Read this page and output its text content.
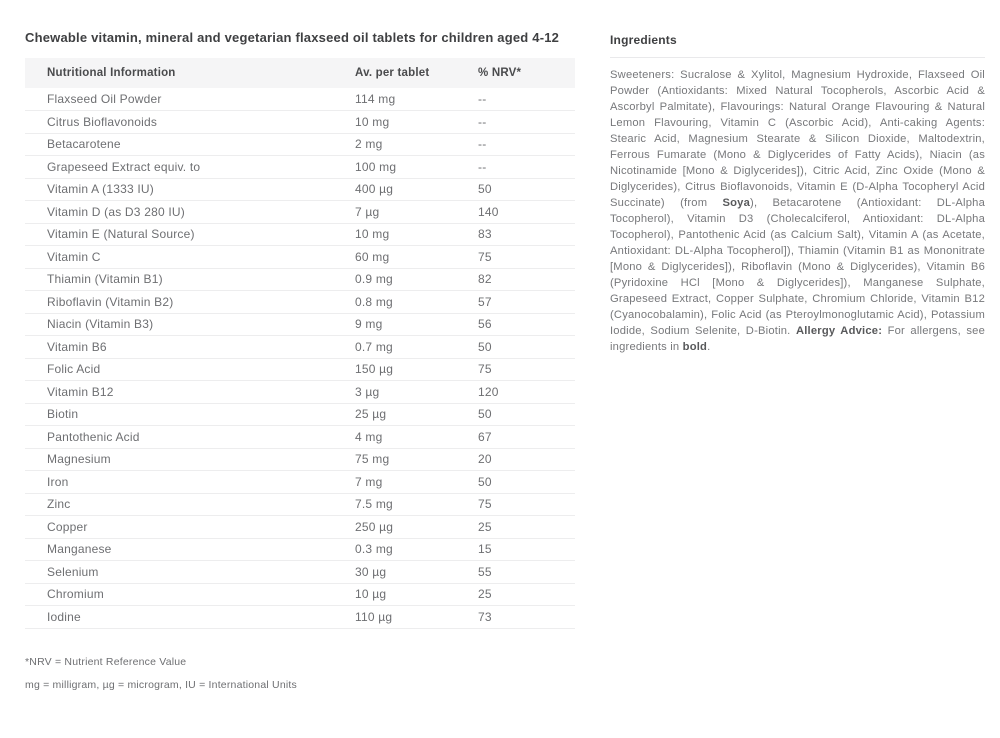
Chewable vitamin, mineral and vegetarian flaxseed oil tablets for children aged 4-12
Nutritional Information	Av. per tablet	% NRV*
Flaxseed Oil Powder	114 mg	--
Citrus Bioflavonoids	10 mg	--
Betacarotene	2 mg	--
Grapeseed Extract equiv. to	100 mg	--
Vitamin A (1333 IU)	400 µg	50
Vitamin D (as D3 280 IU)	7 µg	140
Vitamin E (Natural Source)	10 mg	83
Vitamin C	60 mg	75
Thiamin (Vitamin B1)	0.9 mg	82
Riboflavin (Vitamin B2)	0.8 mg	57
Niacin (Vitamin B3)	9 mg	56
Vitamin B6	0.7 mg	50
Folic Acid	150 µg	75
Vitamin B12	3 µg	120
Biotin	25 µg	50
Pantothenic Acid	4 mg	67
Magnesium	75 mg	20
Iron	7 mg	50
Zinc	7.5 mg	75
Copper	250 µg	25
Manganese	0.3 mg	15
Selenium	30 µg	55
Chromium	10 µg	25
Iodine	110 µg	73

*NRV = Nutrient Reference Value

mg = milligram, µg = microgram, IU = International Units

Ingredients

Sweeteners: Sucralose & Xylitol, Magnesium Hydroxide, Flaxseed Oil Powder (Antioxidants: Mixed Natural Tocopherols, Ascorbic Acid & Ascorbyl Palmitate), Flavourings: Natural Orange Flavouring & Natural Lemon Flavouring, Vitamin C (Ascorbic Acid), Anti-caking Agents: Stearic Acid, Magnesium Stearate & Silicon Dioxide, Maltodextrin, Ferrous Fumarate (Mono & Diglycerides of Fatty Acids), Niacin (as Nicotinamide [Mono & Diglycerides]), Citric Acid, Zinc Oxide (Mono & Diglycerides), Citrus Bioflavonoids, Vitamin E (D-Alpha Tocopheryl Acid Succinate) (from Soya), Betacarotene (Antioxidant: DL-Alpha Tocopherol), Vitamin D3 (Cholecalciferol, Antioxidant: DL-Alpha Tocopherol), Pantothenic Acid (as Calcium Salt), Vitamin A (as Acetate, Antioxidant: DL-Alpha Tocopherol]), Thiamin (Vitamin B1 as Mononitrate [Mono & Diglycerides]), Riboflavin (Mono & Diglycerides), Vitamin B6 (Pyridoxine HCl [Mono & Diglycerides]), Manganese Sulphate, Grapeseed Extract, Copper Sulphate, Chromium Chloride, Vitamin B12 (Cyanocobalamin), Folic Acid (as Pteroylmonoglutamic Acid), Potassium Iodide, Sodium Selenite, D-Biotin. Allergy Advice: For allergens, see ingredients in bold.
